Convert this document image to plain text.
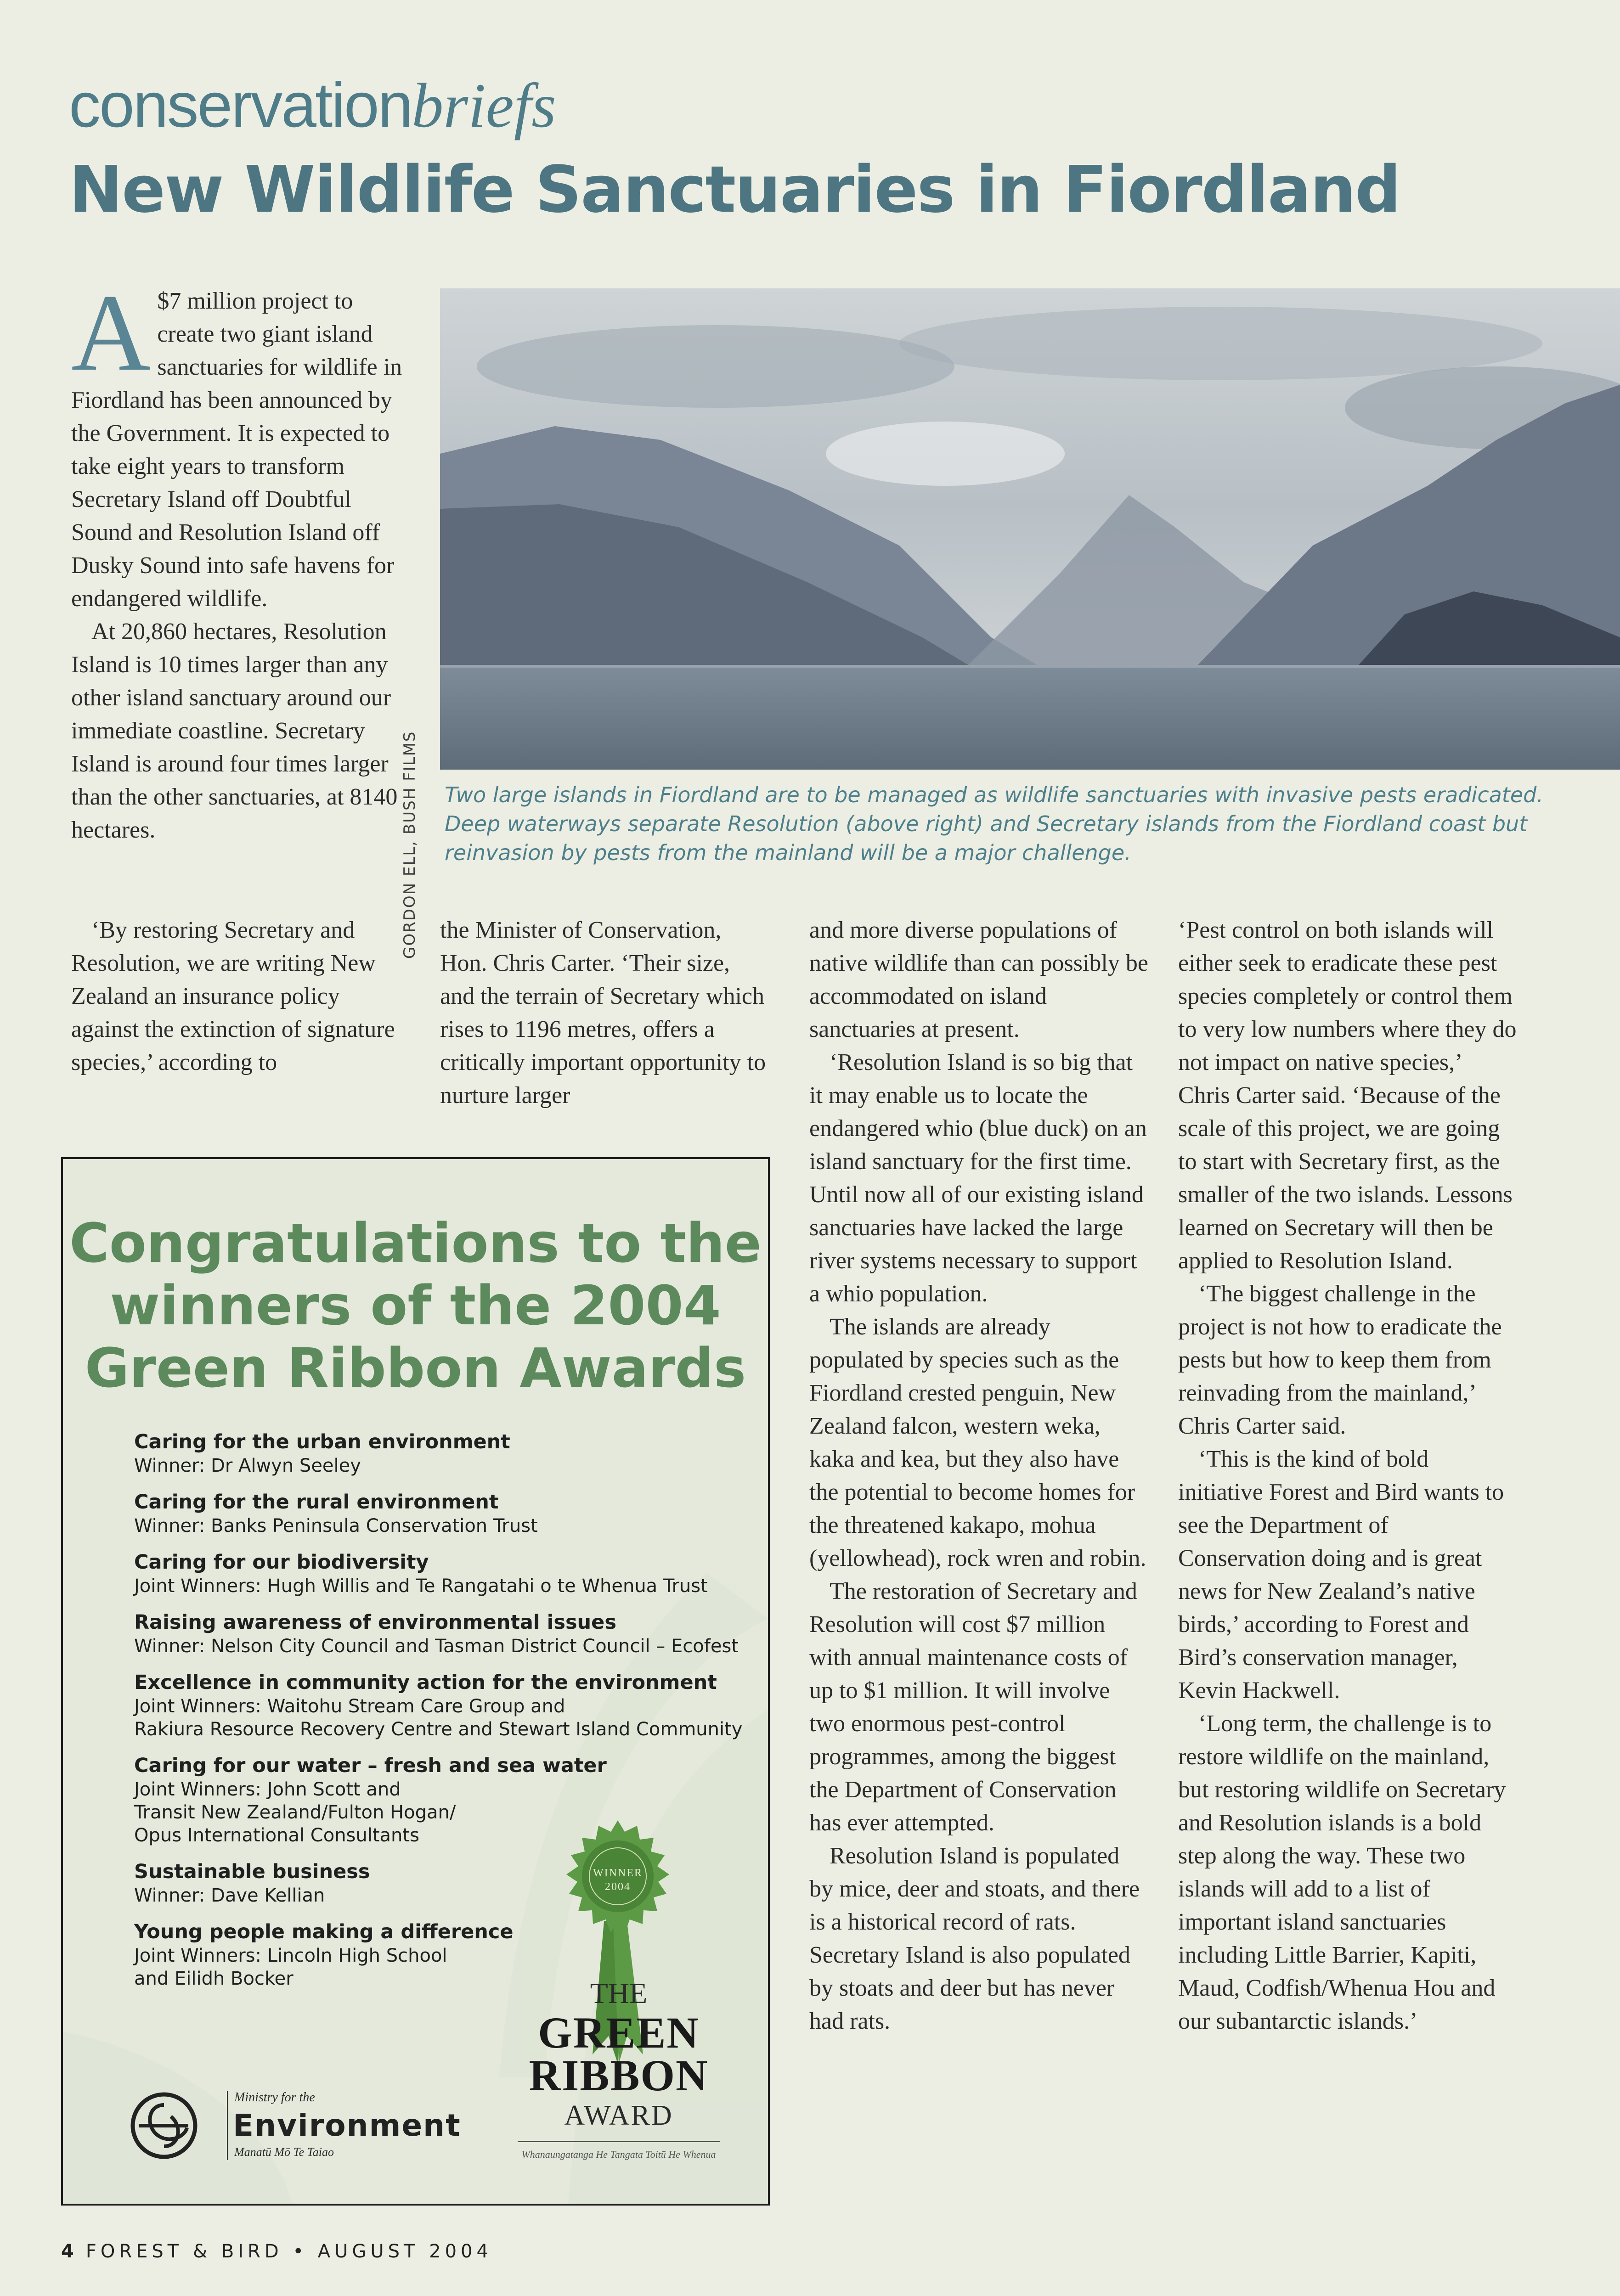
conservationbriefs
New Wildlife Sanctuaries in Fiordland

A $7 million project to create two giant island sanctuaries for wildlife in Fiordland has been announced by the Government. It is expected to take eight years to transform Secretary Island off Doubtful Sound and Resolution Island off Dusky Sound into safe havens for endangered wildlife.

At 20,860 hectares, Resolution Island is 10 times larger than any other island sanctuary around our immediate coastline. Secretary Island is around four times larger than the other sanctuaries, at 8140 hectares.	GORDON ELL, BUSH FILMS Two large islands in Fiordland are to be managed as wildlife sanctuaries with invasive pests eradicated. Deep waterways separate Resolution (above right) and Secretary islands from the Fiordland coast but reinvasion by pests from the mainland will be a major challenge.

‘By restoring Secretary and Resolution, we are writing New Zealand an insurance policy against the extinction of signature species,’ according to

the Minister of Conservation, Hon. Chris Carter. ‘Their size, and the terrain of Secretary which rises to 1196 metres, offers a critically important opportunity to nurture larger

and more diverse populations of native wildlife than can possibly be accommodated on island sanctuaries at present.

‘Resolution Island is so big that it may enable us to locate the endangered whio (blue duck) on an island sanctuary for the first time. Until now all of our existing island sanctuaries have lacked the large river systems necessary to support a whio population.

The islands are already populated by species such as the Fiordland crested penguin, New Zealand falcon, western weka, kaka and kea, but they also have the potential to become homes for the threatened kakapo, mohua (yellowhead), rock wren and robin.

The restoration of Secretary and Resolution will cost $7 million with annual maintenance costs of up to $1 million. It will involve two enormous pest-control programmes, among the biggest the Department of Conservation has ever attempted.

Resolution Island is populated by mice, deer and stoats, and there is a historical record of rats. Secretary Island is also populated by stoats and deer but has never had rats.

‘Pest control on both islands will either seek to eradicate these pest species completely or control them to very low numbers where they do not impact on native species,’ Chris Carter said. ‘Because of the scale of this project, we are going to start with Secretary first, as the smaller of the two islands. Lessons learned on Secretary will then be applied to Resolution Island.

‘The biggest challenge in the project is not how to eradicate the pests but how to keep them from reinvading from the mainland,’ Chris Carter said.

‘This is the kind of bold initiative Forest and Bird wants to see the Department of Conservation doing and is great news for New Zealand’s native birds,’ according to Forest and Bird’s conservation manager, Kevin Hackwell.

‘Long term, the challenge is to restore wildlife on the mainland, but restoring wildlife on Secretary and Resolution islands is a bold step along the way. These two islands will add to a list of important island sanctuaries including Little Barrier, Kapiti, Maud, Codfish/Whenua Hou and our subantarctic islands.’

Congratulations to the
winners of the 2004
Green Ribbon Awards
Caring for the urban environment
Winner: Dr Alwyn Seeley
Caring for the rural environment
Winner: Banks Peninsula Conservation Trust
Caring for our biodiversity
Joint Winners: Hugh Willis and Te Rangatahi o te Whenua Trust
Raising awareness of environmental issues
Winner: Nelson City Council and Tasman District Council – Ecofest
Excellence in community action for the environment
Joint Winners: Waitohu Stream Care Group and
Rakiura Resource Recovery Centre and Stewart Island Community
Caring for our water – fresh and sea water
Joint Winners: John Scott and
Transit New Zealand/Fulton Hogan/
Opus International Consultants
Sustainable business
Winner: Dave Kellian
Young people making a difference
Joint Winners: Lincoln High School
and Eilidh Bocker
Ministry for the
Environment
Manatū Mō Te Taiao
WINNER
2004
THE
GREEN
RIBBON
AWARD
Whanaungatanga He Tangata Toitū He Whenua
4 FOREST & BIRD • AUGUST 2004
